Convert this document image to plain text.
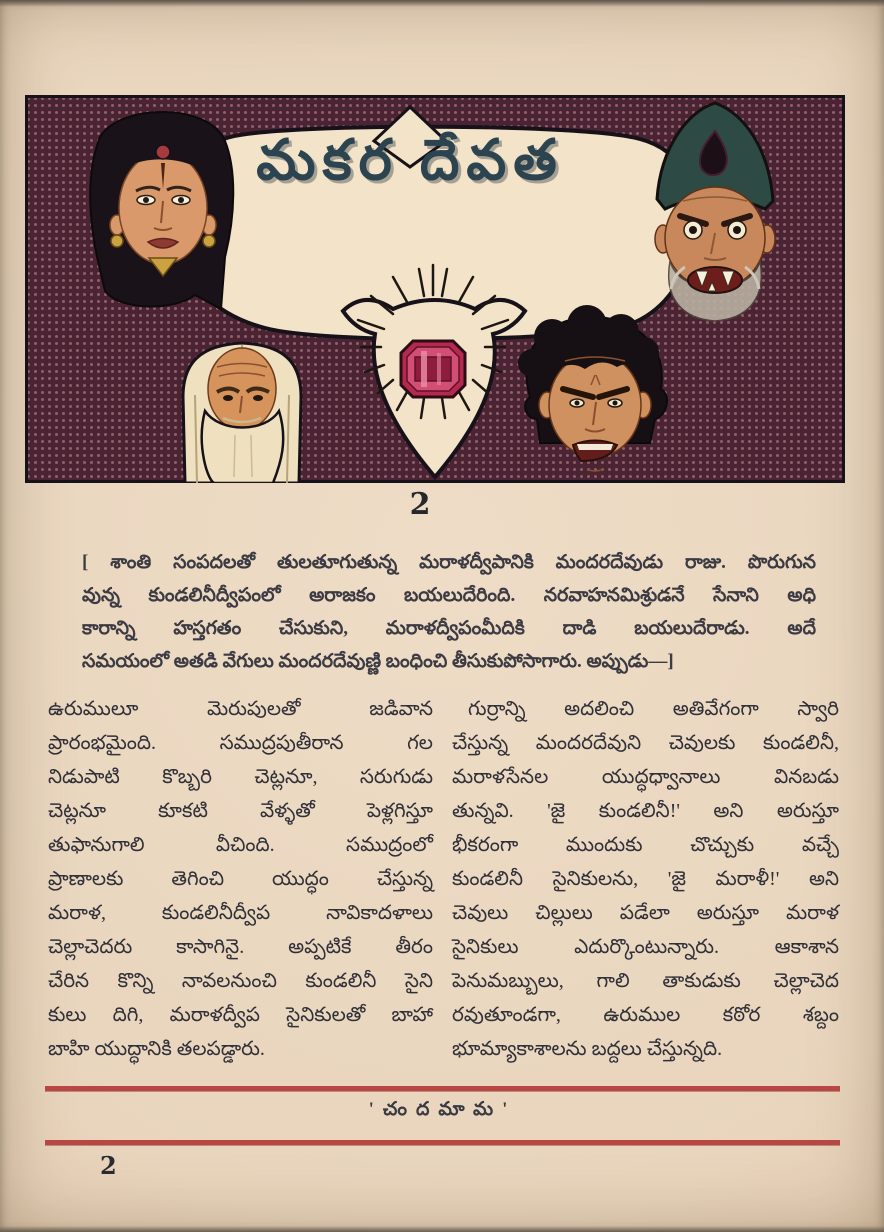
మకర దేవత
2
[ శాంతి సంపదలతో తులతూగుతున్న మరాళద్వీపానికి మందరదేవుడు రాజు. పొరుగున
వున్న కుండలినీద్వీపంలో అరాజకం బయలుదేరింది. నరవాహనమిశ్రుడనే సేనాని అధి
కారాన్ని హస్తగతం చేసుకుని, మరాళద్వీపంమీదికి దాడి బయలుదేరాడు. అదే
సమయంలో అతడి వేగులు మందరదేవుణ్ణి బంధించి తీసుకుపోసాగారు. అప్పుడు—]
ఉరుములూ మెరుపులతో జడివాన
ప్రారంభమైంది. సముద్రపుతీరాన గల
నిడుపాటి కొబ్బరి చెట్లనూ, సరుగుడు
చెట్లనూ కూకటి వేళ్ళతో పెళ్లగిస్తూ
తుఫానుగాలి వీచింది. సముద్రంలో
ప్రాణాలకు తెగించి యుద్ధం చేస్తున్న
మరాళ, కుండలినీద్వీప నావికాదళాలు
చెల్లాచెదరు కాసాగినై. అప్పటికే తీరం
చేరిన కొన్ని నావలనుంచి కుండలినీ సైని
కులు దిగి, మరాళద్వీప సైనికులతో బాహా
బాహి యుద్ధానికి తలపడ్డారు.
గుర్రాన్ని అదలించి అతివేగంగా స్వారి
చేస్తున్న మందరదేవుని చెవులకు కుండలినీ,
మరాళసేనల యుద్ధధ్వానాలు వినబడు
తున్నవి. 'జై కుండలినీ!' అని అరుస్తూ
భీకరంగా ముందుకు చొచ్చుకు వచ్చే
కుండలినీ సైనికులను, 'జై మరాళీ!' అని
చెవులు చిల్లులు పడేలా అరుస్తూ మరాళ
సైనికులు ఎదుర్కొంటున్నారు. ఆకాశాన
పెనుమబ్బులు, గాలి తాకుడుకు చెల్లాచెద
రవుతూండగా, ఉరుముల కఠోర శబ్దం
భూమ్యాకాశాలను బద్దలు చేస్తున్నది.
'చందమామ'
2
